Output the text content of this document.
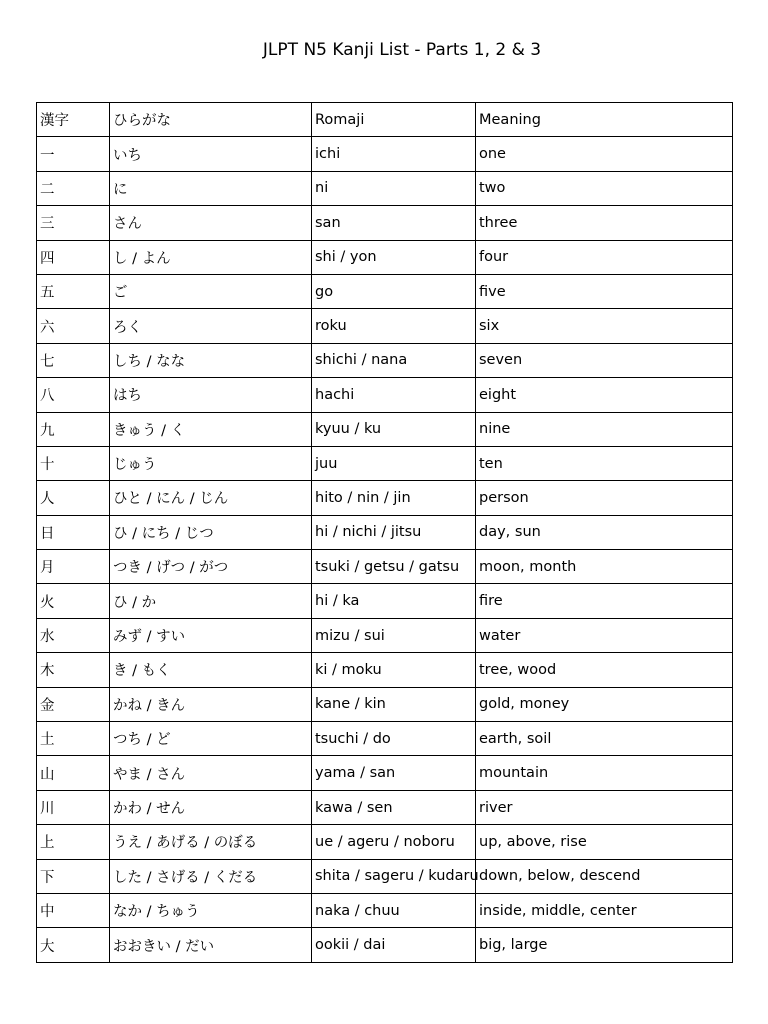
JLPT N5 Kanji List - Parts 1, 2 & 3
漢字	ひらがな	Romaji	Meaning
一	いち	ichi	one
二	に	ni	two
三	さん	san	three
四	し / よん	shi / yon	four
五	ご	go	five
六	ろく	roku	six
七	しち / なな	shichi / nana	seven
八	はち	hachi	eight
九	きゅう / く	kyuu / ku	nine
十	じゅう	juu	ten
人	ひと / にん / じん	hito / nin / jin	person
日	ひ / にち / じつ	hi / nichi / jitsu	day, sun
月	つき / げつ / がつ	tsuki / getsu / gatsu	moon, month
火	ひ / か	hi / ka	fire
水	みず / すい	mizu / sui	water
木	き / もく	ki / moku	tree, wood
金	かね / きん	kane / kin	gold, money
土	つち / ど	tsuchi / do	earth, soil
山	やま / さん	yama / san	mountain
川	かわ / せん	kawa / sen	river
上	うえ / あげる / のぼる	ue / ageru / noboru	up, above, rise
下	した / さげる / くだる	shita / sageru / kudaru	down, below, descend
中	なか / ちゅう	naka / chuu	inside, middle, center
大	おおきい / だい	ookii / dai	big, large
